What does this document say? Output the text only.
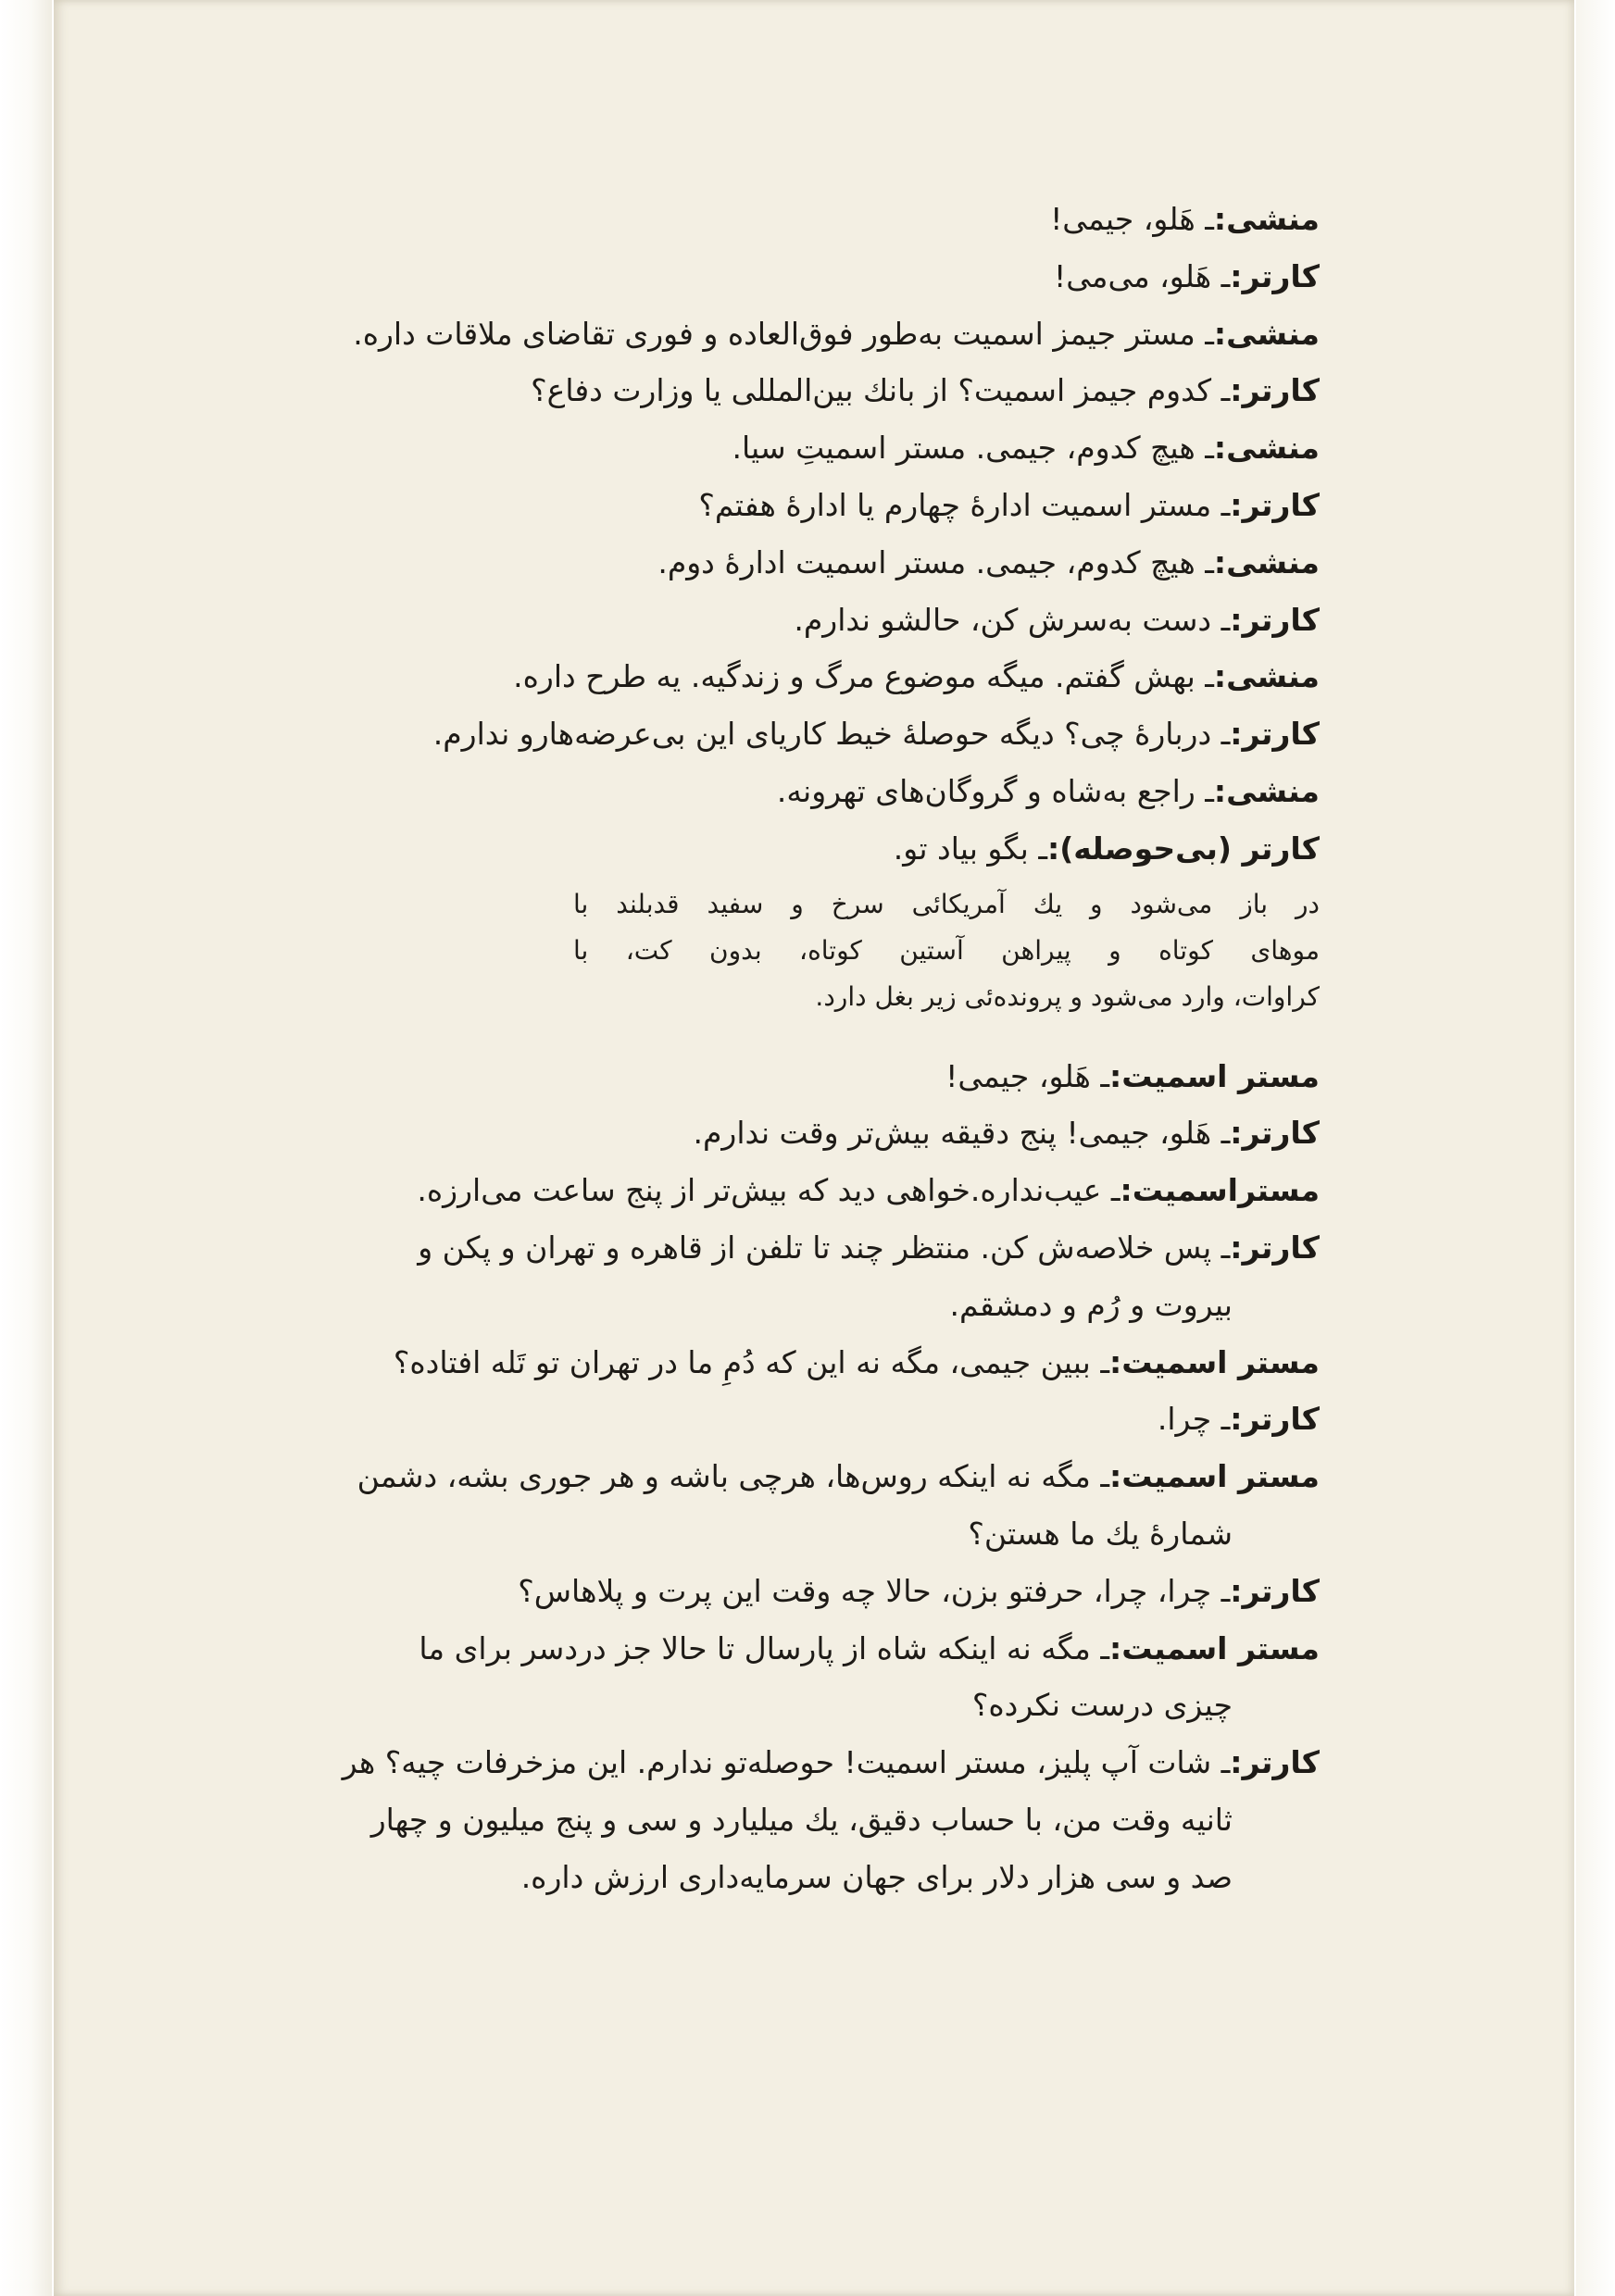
منشی:ـ هَلو، جیمی!
کارتر:ـ هَلو، می‌می!
منشی:ـ مستر جیمز اسمیت به‌طور فوق‌العاده و فوری تقاضای ملاقات داره.
کارتر:ـ کدوم جیمز اسمیت؟ از بانك بین‌المللی یا وزارت دفاع؟
منشی:ـ هیچ کدوم، جیمی. مستر اسمیتِ سیا.
کارتر:ـ مستر اسمیت ادارهٔ چهارم یا ادارهٔ هفتم؟
منشی:ـ هیچ کدوم، جیمی. مستر اسمیت ادارهٔ دوم.
کارتر:ـ دست به‌سرش کن، حالشو ندارم.
منشی:ـ بهش گفتم. میگه موضوع مرگ و زندگیه. یه طرح داره.
کارتر:ـ دربارهٔ چی؟ دیگه حوصلهٔ خیط کاریای این بی‌عرضه‌هارو ندارم.
منشی:ـ راجع به‌شاه و گروگان‌های تهرونه.
کارتر (بی‌حوصله):ـ بگو بیاد تو.
در باز می‌شود و یك آمریکائی سرخ و سفید قدبلند با
موهای کوتاه و پیراهن آستین کوتاه، بدون کت، با
کراوات، وارد می‌شود و پرونده‌ئی زیر بغل دارد.
مستر اسمیت:ـ هَلو، جیمی!
کارتر:ـ هَلو، جیمی! پنج دقیقه بیش‌تر وقت ندارم.
مستراسمیت:ـ عیب‌نداره.خواهی دید که بیش‌تر از پنج ساعت می‌ارزه.
کارتر:ـ پس خلاصه‌ش کن. منتظر چند تا تلفن از قاهره و تهران و پکن و
بیروت و رُم و دمشقم.
مستر اسمیت:ـ ببین جیمی، مگه نه این که دُمِ ما در تهران تو تَله افتاده؟
کارتر:ـ چرا.
مستر اسمیت:ـ مگه نه اینکه روس‌ها، هرچی باشه و هر جوری بشه، دشمن
شمارهٔ یك ما هستن؟
کارتر:ـ چرا، چرا، حرفتو بزن، حالا چه وقت این پرت و پلاهاس؟
مستر اسمیت:ـ مگه نه اینکه شاه از پارسال تا حالا جز دردسر برای ما
چیزی درست نکرده؟
کارتر:ـ شات آپ پلیز، مستر اسمیت! حوصله‌تو ندارم. این مزخرفات چیه؟ هر
ثانیه وقت من، با حساب دقیق، یك میلیارد و سی و پنج میلیون و چهار
صد و سی هزار دلار برای جهان سرمایه‌داری ارزش داره.
